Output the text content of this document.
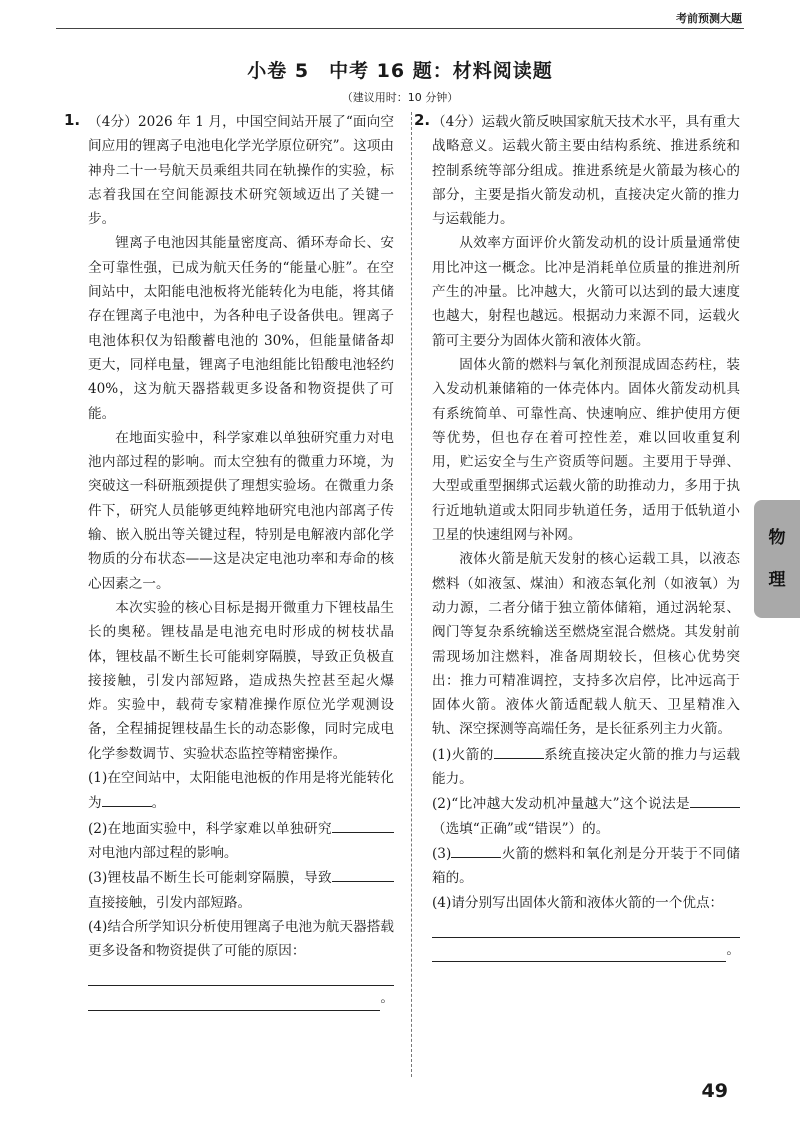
考前预测大题
小卷 5　中考 16 题：材料阅读题
（建议用时：10 分钟）
1. （4分）2026 年 1 月，中国空间站开展了“面向空间应用的锂离子电池电化学光学原位研究”。这项由神舟二十一号航天员乘组共同在轨操作的实验，标志着我国在空间能源技术研究领域迈出了关键一步。

锂离子电池因其能量密度高、循环寿命长、安全可靠性强，已成为航天任务的“能量心脏”。在空间站中，太阳能电池板将光能转化为电能，将其储存在锂离子电池中，为各种电子设备供电。锂离子电池体积仅为铅酸蓄电池的 30%，但能量储备却更大，同样电量，锂离子电池组能比铅酸电池轻约 40%，这为航天器搭载更多设备和物资提供了可能。

在地面实验中，科学家难以单独研究重力对电池内部过程的影响。而太空独有的微重力环境，为突破这一科研瓶颈提供了理想实验场。在微重力条件下，研究人员能够更纯粹地研究电池内部离子传输、嵌入脱出等关键过程，特别是电解液内部化学物质的分布状态——这是决定电池功率和寿命的核心因素之一。

本次实验的核心目标是揭开微重力下锂枝晶生长的奥秘。锂枝晶是电池充电时形成的树枝状晶体，锂枝晶不断生长可能刺穿隔膜，导致正负极直接接触，引发内部短路，造成热失控甚至起火爆炸。实验中，载荷专家精准操作原位光学观测设备，全程捕捉锂枝晶生长的动态影像，同时完成电化学参数调节、实验状态监控等精密操作。

(1)在空间站中，太阳能电池板的作用是将光能转化为	。

(2)在地面实验中，科学家难以单独研究对电池内部过程的影响。

(3)锂枝晶不断生长可能刺穿隔膜，导致直接接触，引发内部短路。

(4)结合所学知识分析使用锂离子电池为航天器搭载更多设备和物资提供了可能的原因：

。
2. （4分）运载火箭反映国家航天技术水平，具有重大战略意义。运载火箭主要由结构系统、推进系统和控制系统等部分组成。推进系统是火箭最为核心的部分，主要是指火箭发动机，直接决定火箭的推力与运载能力。

从效率方面评价火箭发动机的设计质量通常使用比冲这一概念。比冲是消耗单位质量的推进剂所产生的冲量。比冲越大，火箭可以达到的最大速度也越大，射程也越远。根据动力来源不同，运载火箭可主要分为固体火箭和液体火箭。

固体火箭的燃料与氧化剂预混成固态药柱，装入发动机兼储箱的一体壳体内。固体火箭发动机具有系统简单、可靠性高、快速响应、维护使用方便等优势，但也存在着可控性差，难以回收重复利用，贮运安全与生产资质等问题。主要用于导弹、大型或重型捆绑式运载火箭的助推动力，多用于执行近地轨道或太阳同步轨道任务，适用于低轨道小卫星的快速组网与补网。

液体火箭是航天发射的核心运载工具，以液态燃料（如液氢、煤油）和液态氧化剂（如液氧）为动力源，二者分储于独立箭体储箱，通过涡轮泵、阀门等复杂系统输送至燃烧室混合燃烧。其发射前需现场加注燃料，准备周期较长，但核心优势突出：推力可精准调控，支持多次启停，比冲远高于固体火箭。液体火箭适配载人航天、卫星精准入轨、深空探测等高端任务，是长征系列主力火箭。

(1)火箭的	系统直接决定火箭的推力与运载能力。

(2)“比冲越大发动机冲量越大”这个说法是（选填“正确”或“错误”）的。

(3)	火箭的燃料和氧化剂是分开装于不同储箱的。

(4)请分别写出固体火箭和液体火箭的一个优点：

。
物
理
49
